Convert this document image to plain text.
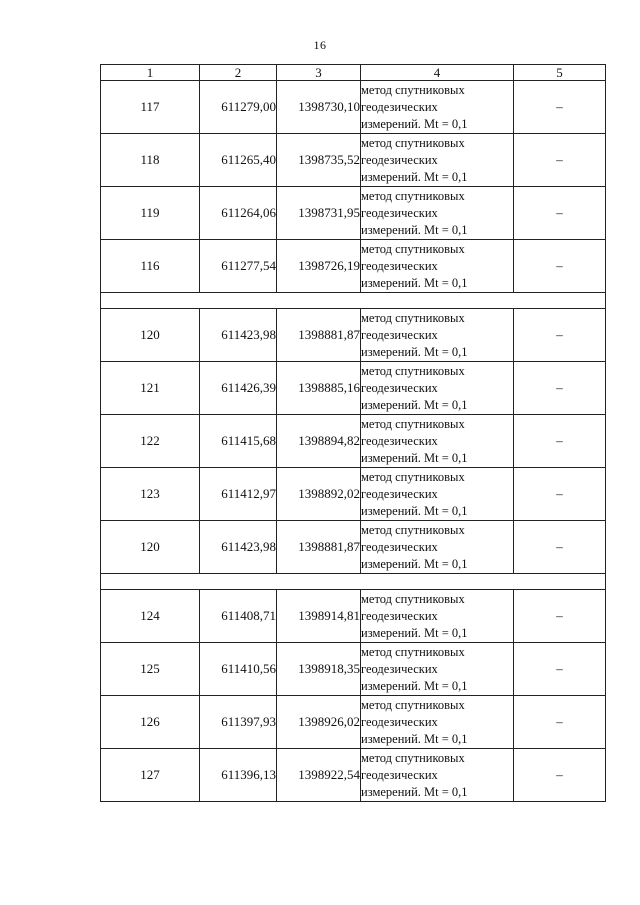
16
1	2	3	4	5
117	611279,00	1398730,10	метод спутниковых
геодезических
измерений. Mt = 0,1	–
118	611265,40	1398735,52	метод спутниковых
геодезических
измерений. Mt = 0,1	–
119	611264,06	1398731,95	метод спутниковых
геодезических
измерений. Mt = 0,1	–
116	611277,54	1398726,19	метод спутниковых
геодезических
измерений. Mt = 0,1	–

120	611423,98	1398881,87	метод спутниковых
геодезических
измерений. Mt = 0,1	–
121	611426,39	1398885,16	метод спутниковых
геодезических
измерений. Mt = 0,1	–
122	611415,68	1398894,82	метод спутниковых
геодезических
измерений. Mt = 0,1	–
123	611412,97	1398892,02	метод спутниковых
геодезических
измерений. Mt = 0,1	–
120	611423,98	1398881,87	метод спутниковых
геодезических
измерений. Mt = 0,1	–

124	611408,71	1398914,81	метод спутниковых
геодезических
измерений. Mt = 0,1	–
125	611410,56	1398918,35	метод спутниковых
геодезических
измерений. Mt = 0,1	–
126	611397,93	1398926,02	метод спутниковых
геодезических
измерений. Mt = 0,1	–
127	611396,13	1398922,54	метод спутниковых
геодезических
измерений. Mt = 0,1	–
